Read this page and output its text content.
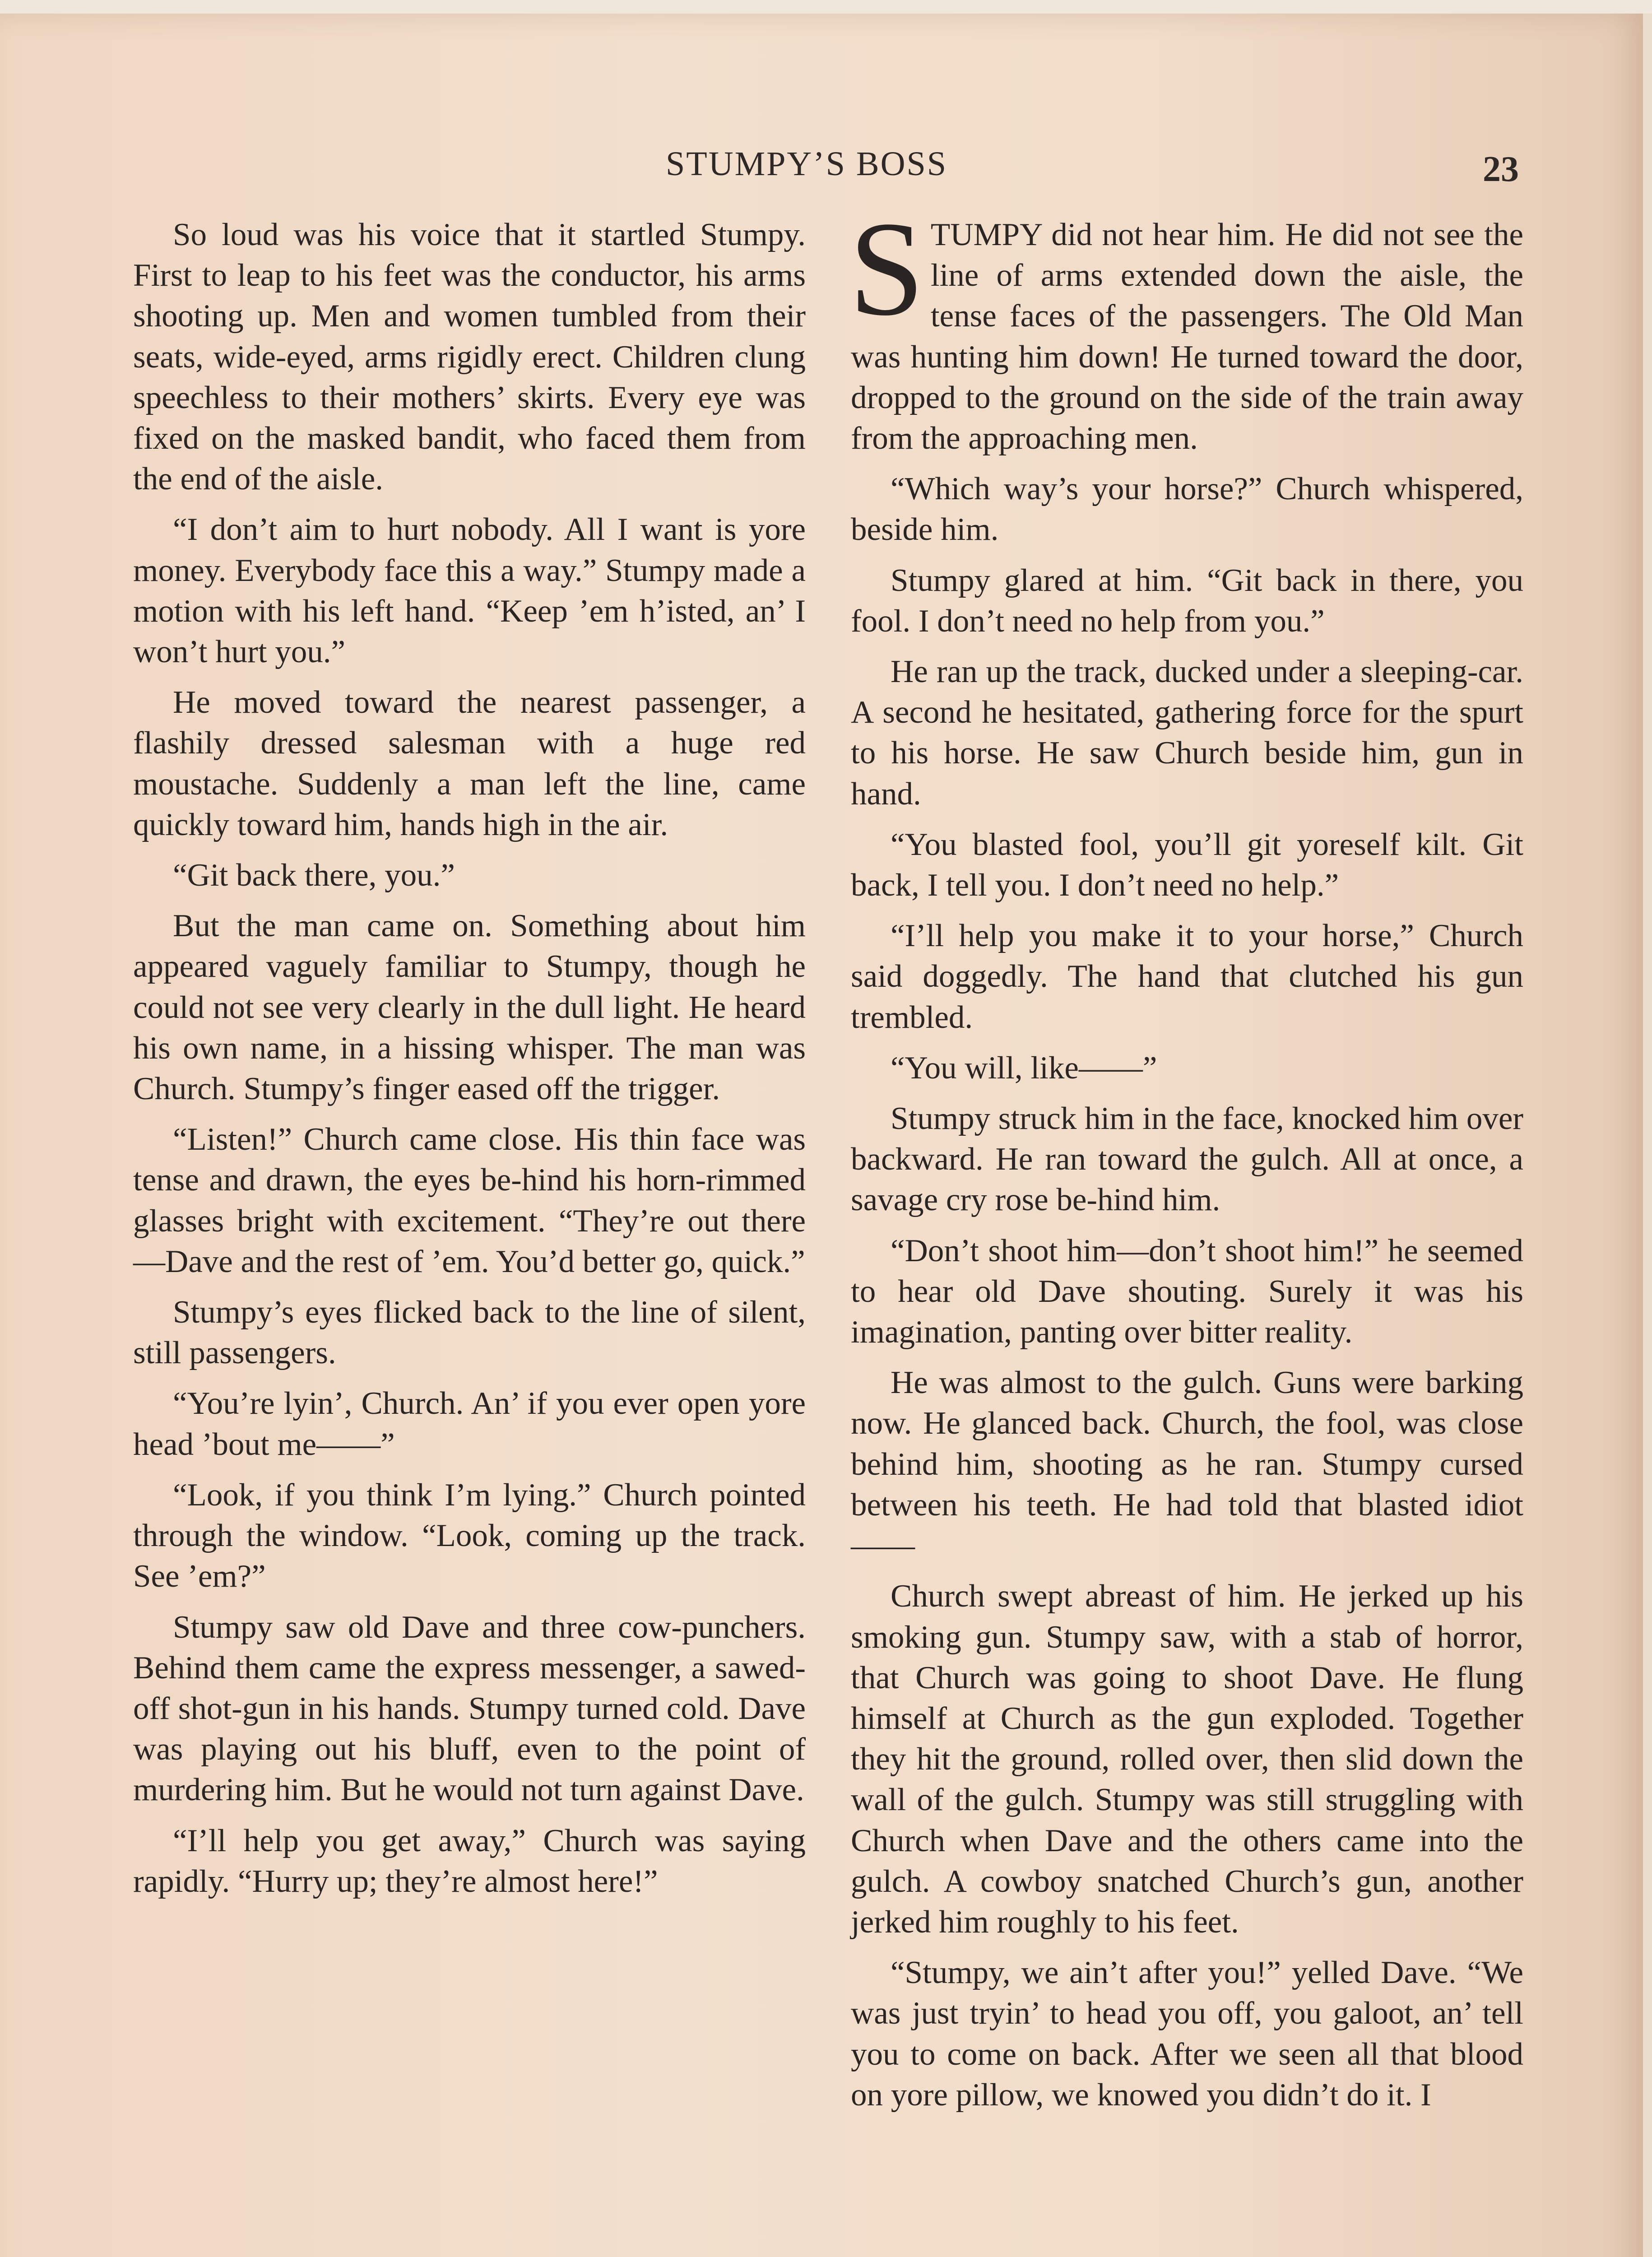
STUMPY’S BOSS	23

So loud was his voice that it startled Stumpy. First to leap to his feet was the conductor, his arms shooting up. Men and women tumbled from their seats, wide-eyed, arms rigidly erect. Children clung speechless to their mothers’ skirts. Every eye was fixed on the masked bandit, who faced them from the end of the aisle.

“I don’t aim to hurt nobody. All I want is yore money. Everybody face this a way.” Stumpy made a motion with his left hand. “Keep ’em h’isted, an’ I won’t hurt you.”

He moved toward the nearest passenger, a flashily dressed salesman with a huge red moustache. Suddenly a man left the line, came quickly toward him, hands high in the air.

“Git back there, you.”

But the man came on. Something about him appeared vaguely familiar to Stumpy, though he could not see very clearly in the dull light. He heard his own name, in a hissing whisper. The man was Church. Stumpy’s finger eased off the trigger.

“Listen!” Church came close. His thin face was tense and drawn, the eyes be-hind his horn-rimmed glasses bright with excitement. “They’re out there—Dave and the rest of ’em. You’d better go, quick.”

Stumpy’s eyes flicked back to the line of silent, still passengers.

“You’re lyin’, Church. An’ if you ever open yore head ’bout me——”

“Look, if you think I’m lying.” Church pointed through the window. “Look, coming up the track. See ’em?”

Stumpy saw old Dave and three cow-punchers. Behind them came the express messenger, a sawed-off shot-gun in his hands. Stumpy turned cold. Dave was playing out his bluff, even to the point of murdering him. But he would not turn against Dave.

“I’ll help you get away,” Church was saying rapidly. “Hurry up; they’re almost here!”

STUMPY did not hear him. He did not see the line of arms extended down the aisle, the tense faces of the passengers. The Old Man was hunting him down! He turned toward the door, dropped to the ground on the side of the train away from the approaching men.

“Which way’s your horse?” Church whispered, beside him.

Stumpy glared at him. “Git back in there, you fool. I don’t need no help from you.”

He ran up the track, ducked under a sleeping-car. A second he hesitated, gathering force for the spurt to his horse. He saw Church beside him, gun in hand.

“You blasted fool, you’ll git yoreself kilt. Git back, I tell you. I don’t need no help.”

“I’ll help you make it to your horse,” Church said doggedly. The hand that clutched his gun trembled.

“You will, like——”

Stumpy struck him in the face, knocked him over backward. He ran toward the gulch. All at once, a savage cry rose be-hind him.

“Don’t shoot him—don’t shoot him!” he seemed to hear old Dave shouting. Surely it was his imagination, panting over bitter reality.

He was almost to the gulch. Guns were barking now. He glanced back. Church, the fool, was close behind him, shooting as he ran. Stumpy cursed between his teeth. He had told that blasted idiot——

Church swept abreast of him. He jerked up his smoking gun. Stumpy saw, with a stab of horror, that Church was going to shoot Dave. He flung himself at Church as the gun exploded. Together they hit the ground, rolled over, then slid down the wall of the gulch. Stumpy was still struggling with Church when Dave and the others came into the gulch. A cowboy snatched Church’s gun, another jerked him roughly to his feet.

“Stumpy, we ain’t after you!” yelled Dave. “We was just tryin’ to head you off, you galoot, an’ tell you to come on back. After we seen all that blood on yore pillow, we knowed you didn’t do it. I
